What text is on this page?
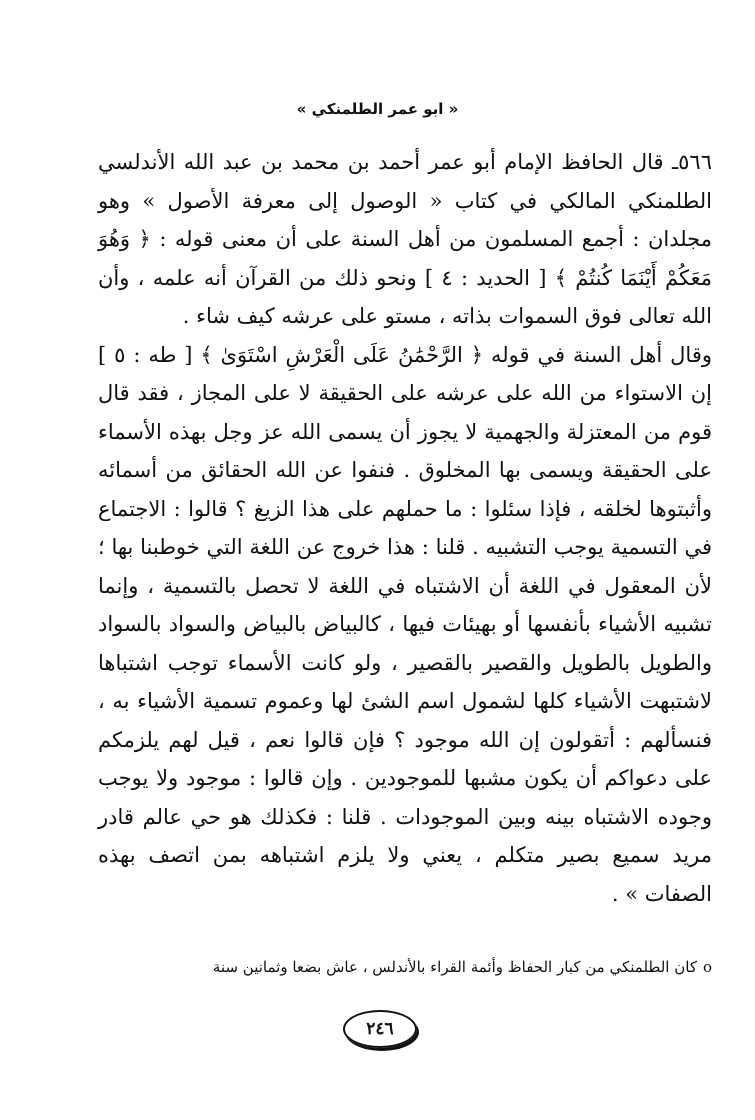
« ابو عمر الطلمنكي »

٥٦٦ـ قال الحافظ الإمام أبو عمر أحمد بن محمد بن عبد الله الأندلسي الطلمنكي المالكي في كتاب « الوصول إلى معرفة الأصول » وهو مجلدان : أجمع المسلمون من أهل السنة على أن معنى قوله : ﴿ وَهُوَ مَعَكُمْ أَيْنَمَا كُنتُمْ ﴾ [ الحديد : ٤ ] ونحو ذلك من القرآن أنه علمه ، وأن الله تعالى فوق السموات بذاته ، مستو على عرشه كيف شاء .

وقال أهل السنة في قوله ﴿ الرَّحْمَٰنُ عَلَى الْعَرْشِ اسْتَوَىٰ ﴾ [ طه : ٥ ] إن الاستواء من الله على عرشه على الحقيقة لا على المجاز ، فقد قال قوم من المعتزلة والجهمية لا يجوز أن يسمى الله عز وجل بهذه الأسماء على الحقيقة ويسمى بها المخلوق . فنفوا عن الله الحقائق من أسمائه وأثبتوها لخلقه ، فإذا سئلوا : ما حملهم على هذا الزيغ ؟ قالوا : الاجتماع في التسمية يوجب التشبيه . قلنا : هذا خروج عن اللغة التي خوطبنا بها ؛ لأن المعقول في اللغة أن الاشتباه في اللغة لا تحصل بالتسمية ، وإنما تشبيه الأشياء بأنفسها أو بهيئات فيها ، كالبياض بالبياض والسواد بالسواد والطويل بالطويل والقصير بالقصير ، ولو كانت الأسماء توجب اشتباها لاشتبهت الأشياء كلها لشمول اسم الشئ لها وعموم تسمية الأشياء به ، فنسألهم : أتقولون إن الله موجود ؟ فإن قالوا نعم ، قيل لهم يلزمكم على دعواكم أن يكون مشبها للموجودين . وإن قالوا : موجود ولا يوجب وجوده الاشتباه بينه وبين الموجودات . قلنا : فكذلك هو حي عالم قادر مريد سميع بصير متكلم ، يعني ولا يلزم اشتباهه بمن اتصف بهذه الصفات » .

οكان الطلمنكي من كبار الحفاظ وأئمة القراء بالأندلس ، عاش بضعا وثمانين سنة
٢٤٦
